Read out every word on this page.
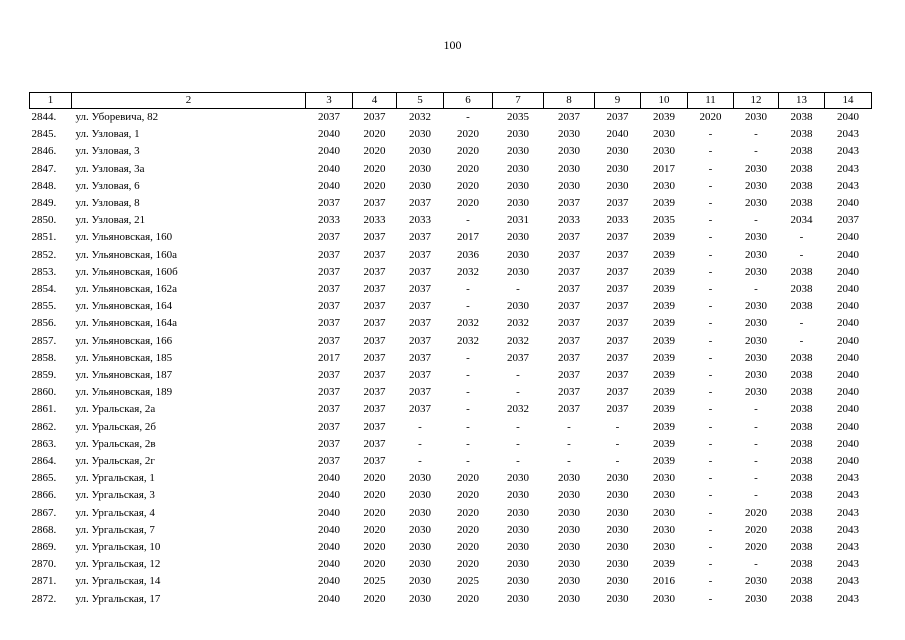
100
1	2	3	4	5	6	7	8	9	10	11	12	13	14
2844.	ул. Уборевича, 82	2037	2037	2032	-	2035	2037	2037	2039	2020	2030	2038	2040
2845.	ул. Узловая, 1	2040	2020	2030	2020	2030	2030	2040	2030	-	-	2038	2043
2846.	ул. Узловая, 3	2040	2020	2030	2020	2030	2030	2030	2030	-	-	2038	2043
2847.	ул. Узловая, 3а	2040	2020	2030	2020	2030	2030	2030	2017	-	2030	2038	2043
2848.	ул. Узловая, 6	2040	2020	2030	2020	2030	2030	2030	2030	-	2030	2038	2043
2849.	ул. Узловая, 8	2037	2037	2037	2020	2030	2037	2037	2039	-	2030	2038	2040
2850.	ул. Узловая, 21	2033	2033	2033	-	2031	2033	2033	2035	-	-	2034	2037
2851.	ул. Ульяновская, 160	2037	2037	2037	2017	2030	2037	2037	2039	-	2030	-	2040
2852.	ул. Ульяновская, 160а	2037	2037	2037	2036	2030	2037	2037	2039	-	2030	-	2040
2853.	ул. Ульяновская, 160б	2037	2037	2037	2032	2030	2037	2037	2039	-	2030	2038	2040
2854.	ул. Ульяновская, 162а	2037	2037	2037	-	-	2037	2037	2039	-	-	2038	2040
2855.	ул. Ульяновская, 164	2037	2037	2037	-	2030	2037	2037	2039	-	2030	2038	2040
2856.	ул. Ульяновская, 164а	2037	2037	2037	2032	2032	2037	2037	2039	-	2030	-	2040
2857.	ул. Ульяновская, 166	2037	2037	2037	2032	2032	2037	2037	2039	-	2030	-	2040
2858.	ул. Ульяновская, 185	2017	2037	2037	-	2037	2037	2037	2039	-	2030	2038	2040
2859.	ул. Ульяновская, 187	2037	2037	2037	-	-	2037	2037	2039	-	2030	2038	2040
2860.	ул. Ульяновская, 189	2037	2037	2037	-	-	2037	2037	2039	-	2030	2038	2040
2861.	ул. Уральская, 2а	2037	2037	2037	-	2032	2037	2037	2039	-	-	2038	2040
2862.	ул. Уральская, 2б	2037	2037	-	-	-	-	-	2039	-	-	2038	2040
2863.	ул. Уральская, 2в	2037	2037	-	-	-	-	-	2039	-	-	2038	2040
2864.	ул. Уральская, 2г	2037	2037	-	-	-	-	-	2039	-	-	2038	2040
2865.	ул. Ургальская, 1	2040	2020	2030	2020	2030	2030	2030	2030	-	-	2038	2043
2866.	ул. Ургальская, 3	2040	2020	2030	2020	2030	2030	2030	2030	-	-	2038	2043
2867.	ул. Ургальская, 4	2040	2020	2030	2020	2030	2030	2030	2030	-	2020	2038	2043
2868.	ул. Ургальская, 7	2040	2020	2030	2020	2030	2030	2030	2030	-	2020	2038	2043
2869.	ул. Ургальская, 10	2040	2020	2030	2020	2030	2030	2030	2030	-	2020	2038	2043
2870.	ул. Ургальская, 12	2040	2020	2030	2020	2030	2030	2030	2039	-	-	2038	2043
2871.	ул. Ургальская, 14	2040	2025	2030	2025	2030	2030	2030	2016	-	2030	2038	2043
2872.	ул. Ургальская, 17	2040	2020	2030	2020	2030	2030	2030	2030	-	2030	2038	2043
